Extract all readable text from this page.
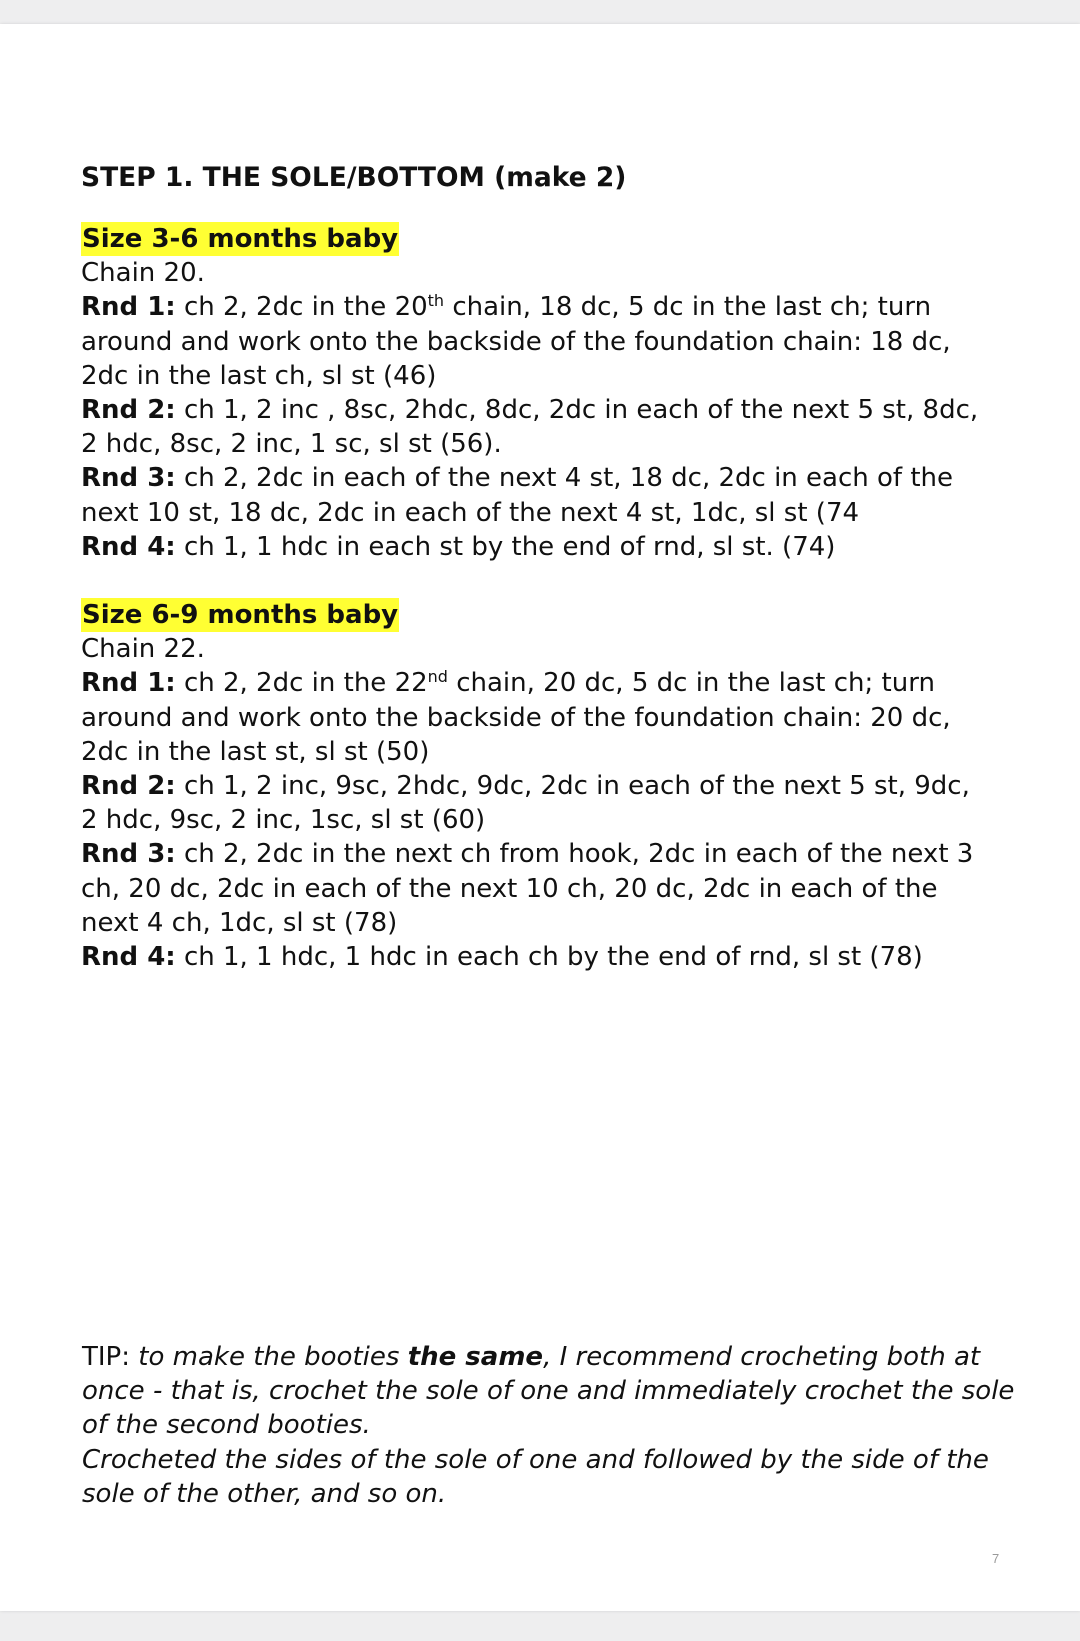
STEP 1. THE SOLE/BOTTOM (make 2)
Size 3-6 months baby
Chain 20.
Rnd 1: ch 2, 2dc in the 20th chain, 18 dc, 5 dc in the last ch; turn
around and work onto the backside of the foundation chain: 18 dc,
2dc in the last ch, sl st (46)
Rnd 2: ch 1, 2 inc , 8sc, 2hdc, 8dc, 2dc in each of the next 5 st, 8dc,
2 hdc, 8sc, 2 inc, 1 sc, sl st (56).
Rnd 3: ch 2, 2dc in each of the next 4 st, 18 dc, 2dc in each of the
next 10 st, 18 dc, 2dc in each of the next 4 st, 1dc, sl st (74
Rnd 4: ch 1, 1 hdc in each st by the end of rnd, sl st. (74)
Size 6-9 months baby
Chain 22.
Rnd 1: ch 2, 2dc in the 22nd chain, 20 dc, 5 dc in the last ch; turn
around and work onto the backside of the foundation chain: 20 dc,
2dc in the last st, sl st (50)
Rnd 2: ch 1, 2 inc, 9sc, 2hdc, 9dc, 2dc in each of the next 5 st, 9dc,
2 hdc, 9sc, 2 inc, 1sc, sl st (60)
Rnd 3: ch 2, 2dc in the next ch from hook, 2dc in each of the next 3
ch, 20 dc, 2dc in each of the next 10 ch, 20 dc, 2dc in each of the
next 4 ch, 1dc, sl st (78)
Rnd 4: ch 1, 1 hdc, 1 hdc in each ch by the end of rnd, sl st (78)
TIP: to make the booties the same, I recommend crocheting both at
once - that is, crochet the sole of one and immediately crochet the sole
of the second booties.
Crocheted the sides of the sole of one and followed by the side of the
sole of the other, and so on.
7
